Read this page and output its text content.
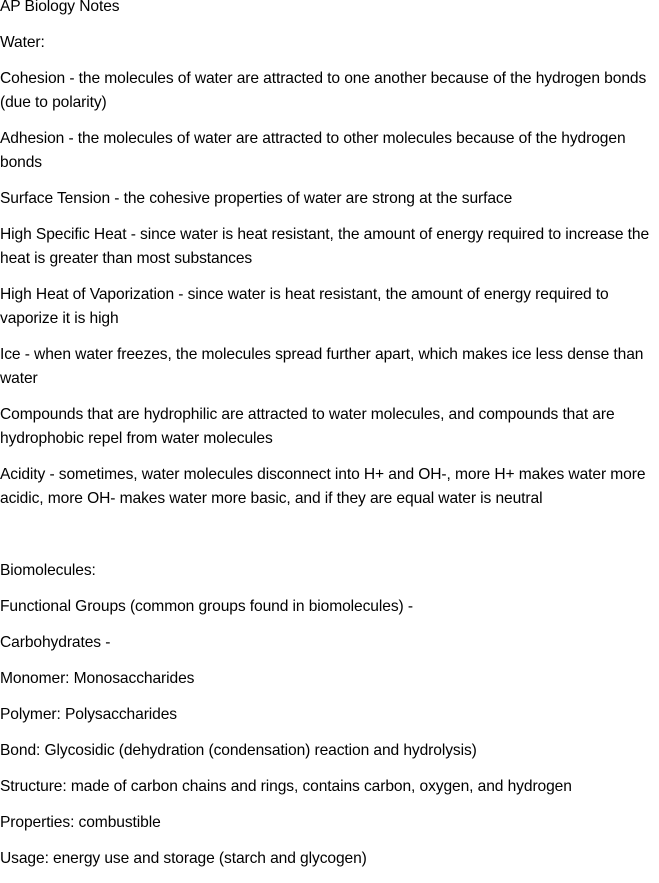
AP Biology Notes

Water:

Cohesion - the molecules of water are attracted to one another because of the hydrogen bonds (due to polarity)

Adhesion - the molecules of water are attracted to other molecules because of the hydrogen bonds

Surface Tension - the cohesive properties of water are strong at the surface

High Specific Heat - since water is heat resistant, the amount of energy required to increase the heat is greater than most substances

High Heat of Vaporization - since water is heat resistant, the amount of energy required to vaporize it is high

Ice - when water freezes, the molecules spread further apart, which makes ice less dense than water

Compounds that are hydrophilic are attracted to water molecules, and compounds that are hydrophobic repel from water molecules

Acidity - sometimes, water molecules disconnect into H+ and OH-, more H+ makes water more acidic, more OH- makes water more basic, and if they are equal water is neutral

Biomolecules:

Functional Groups (common groups found in biomolecules) -

Carbohydrates -

Monomer: Monosaccharides

Polymer: Polysaccharides

Bond: Glycosidic (dehydration (condensation) reaction and hydrolysis)

Structure: made of carbon chains and rings, contains carbon, oxygen, and hydrogen

Properties: combustible

Usage: energy use and storage (starch and glycogen)
